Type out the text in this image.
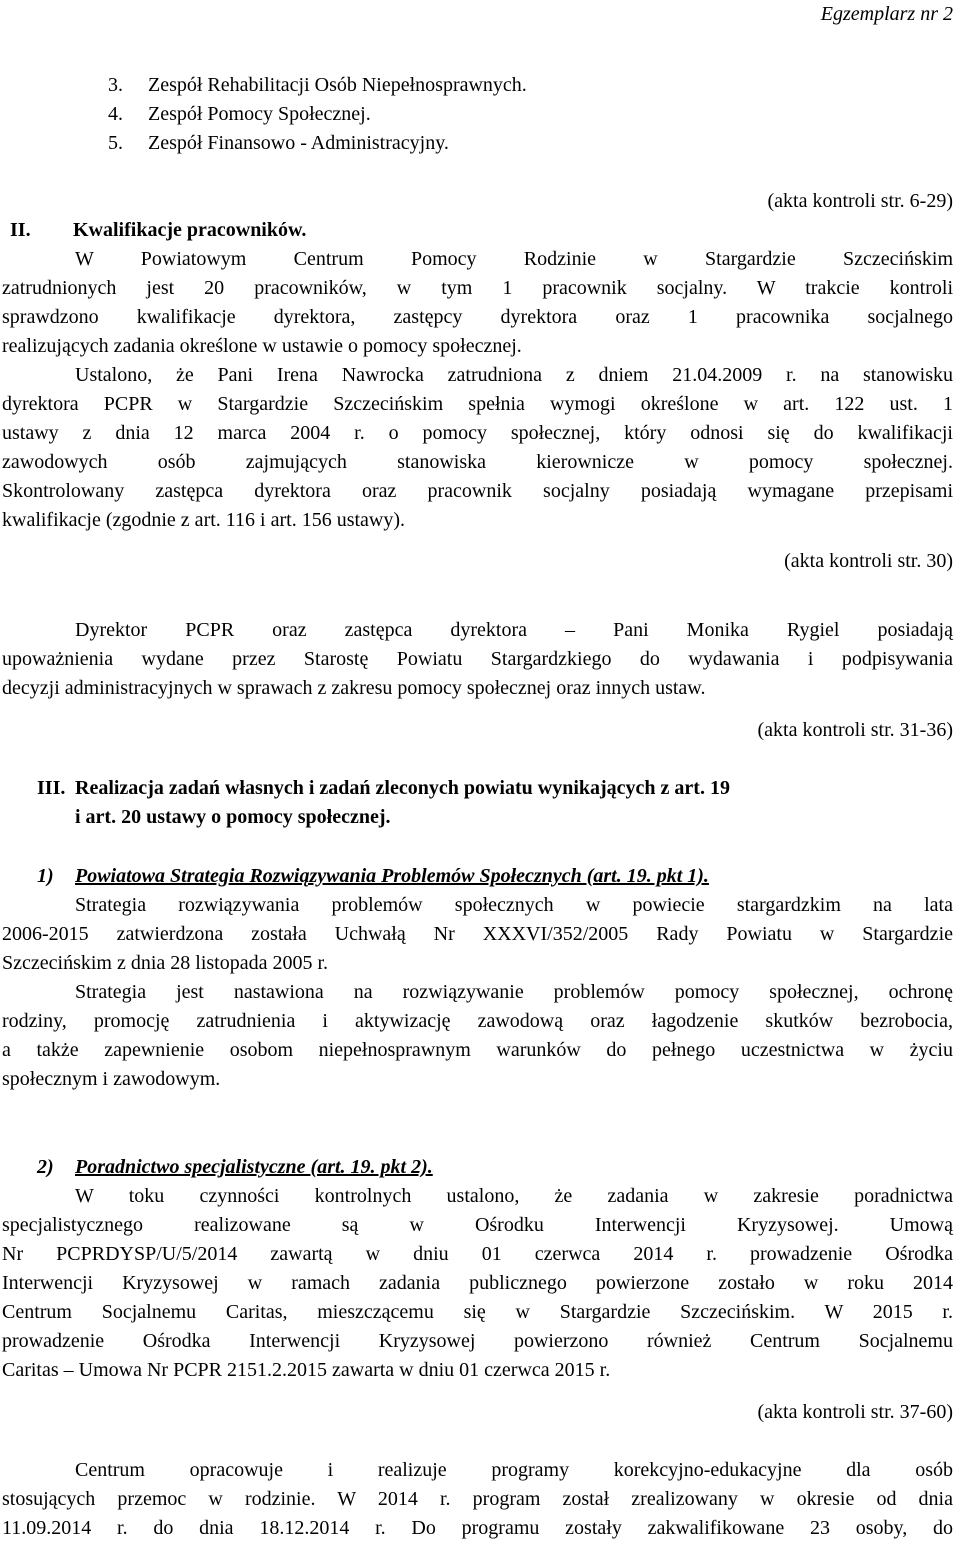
Egzemplarz nr 2
3. Zespół Rehabilitacji Osób Niepełnosprawnych.
4. Zespół Pomocy Społecznej.
5. Zespół Finansowo - Administracyjny.
(akta kontroli str. 6-29)
II. Kwalifikacje pracowników.
W Powiatowym Centrum Pomocy Rodzinie w Stargardzie Szczecińskim
zatrudnionych jest 20 pracowników, w tym 1 pracownik socjalny. W trakcie kontroli
sprawdzono kwalifikacje dyrektora, zastępcy dyrektora oraz 1 pracownika socjalnego
realizujących zadania określone w ustawie o pomocy społecznej.
Ustalono, że Pani Irena Nawrocka zatrudniona z dniem 21.04.2009 r. na stanowisku
dyrektora PCPR w Stargardzie Szczecińskim spełnia wymogi określone w art. 122 ust. 1
ustawy z dnia 12 marca 2004 r. o pomocy społecznej, który odnosi się do kwalifikacji
zawodowych osób zajmujących stanowiska kierownicze w pomocy społecznej.
Skontrolowany zastępca dyrektora oraz pracownik socjalny posiadają wymagane przepisami
kwalifikacje (zgodnie z art. 116 i art. 156 ustawy).
(akta kontroli str. 30)
Dyrektor PCPR oraz zastępca dyrektora – Pani Monika Rygiel posiadają
upoważnienia wydane przez Starostę Powiatu Stargardzkiego do wydawania i podpisywania
decyzji administracyjnych w sprawach z zakresu pomocy społecznej oraz innych ustaw.
(akta kontroli str. 31-36)
III. Realizacja zadań własnych i zadań zleconych powiatu wynikających z art. 19
i art. 20 ustawy o pomocy społecznej.
1) Powiatowa Strategia Rozwiązywania Problemów Społecznych (art. 19. pkt 1).
Strategia rozwiązywania problemów społecznych w powiecie stargardzkim na lata
2006-2015 zatwierdzona została Uchwałą Nr XXXVI/352/2005 Rady Powiatu w Stargardzie
Szczecińskim z dnia 28 listopada 2005 r.
Strategia jest nastawiona na rozwiązywanie problemów pomocy społecznej, ochronę
rodziny, promocję zatrudnienia i aktywizację zawodową oraz łagodzenie skutków bezrobocia,
a także zapewnienie osobom niepełnosprawnym warunków do pełnego uczestnictwa w życiu
społecznym i zawodowym.
2) Poradnictwo specjalistyczne (art. 19. pkt 2).
W toku czynności kontrolnych ustalono, że zadania w zakresie poradnictwa
specjalistycznego realizowane są w Ośrodku Interwencji Kryzysowej. Umową
Nr PCPRDYSP/U/5/2014 zawartą w dniu 01 czerwca 2014 r. prowadzenie Ośrodka
Interwencji Kryzysowej w ramach zadania publicznego powierzone zostało w roku 2014
Centrum Socjalnemu Caritas, mieszczącemu się w Stargardzie Szczecińskim. W 2015 r.
prowadzenie Ośrodka Interwencji Kryzysowej powierzono również Centrum Socjalnemu
Caritas – Umowa Nr PCPR 2151.2.2015 zawarta w dniu 01 czerwca 2015 r.
(akta kontroli str. 37-60)
Centrum opracowuje i realizuje programy korekcyjno-edukacyjne dla osób
stosujących przemoc w rodzinie. W 2014 r. program został zrealizowany w okresie od dnia
11.09.2014 r. do dnia 18.12.2014 r. Do programu zostały zakwalifikowane 23 osoby, do
